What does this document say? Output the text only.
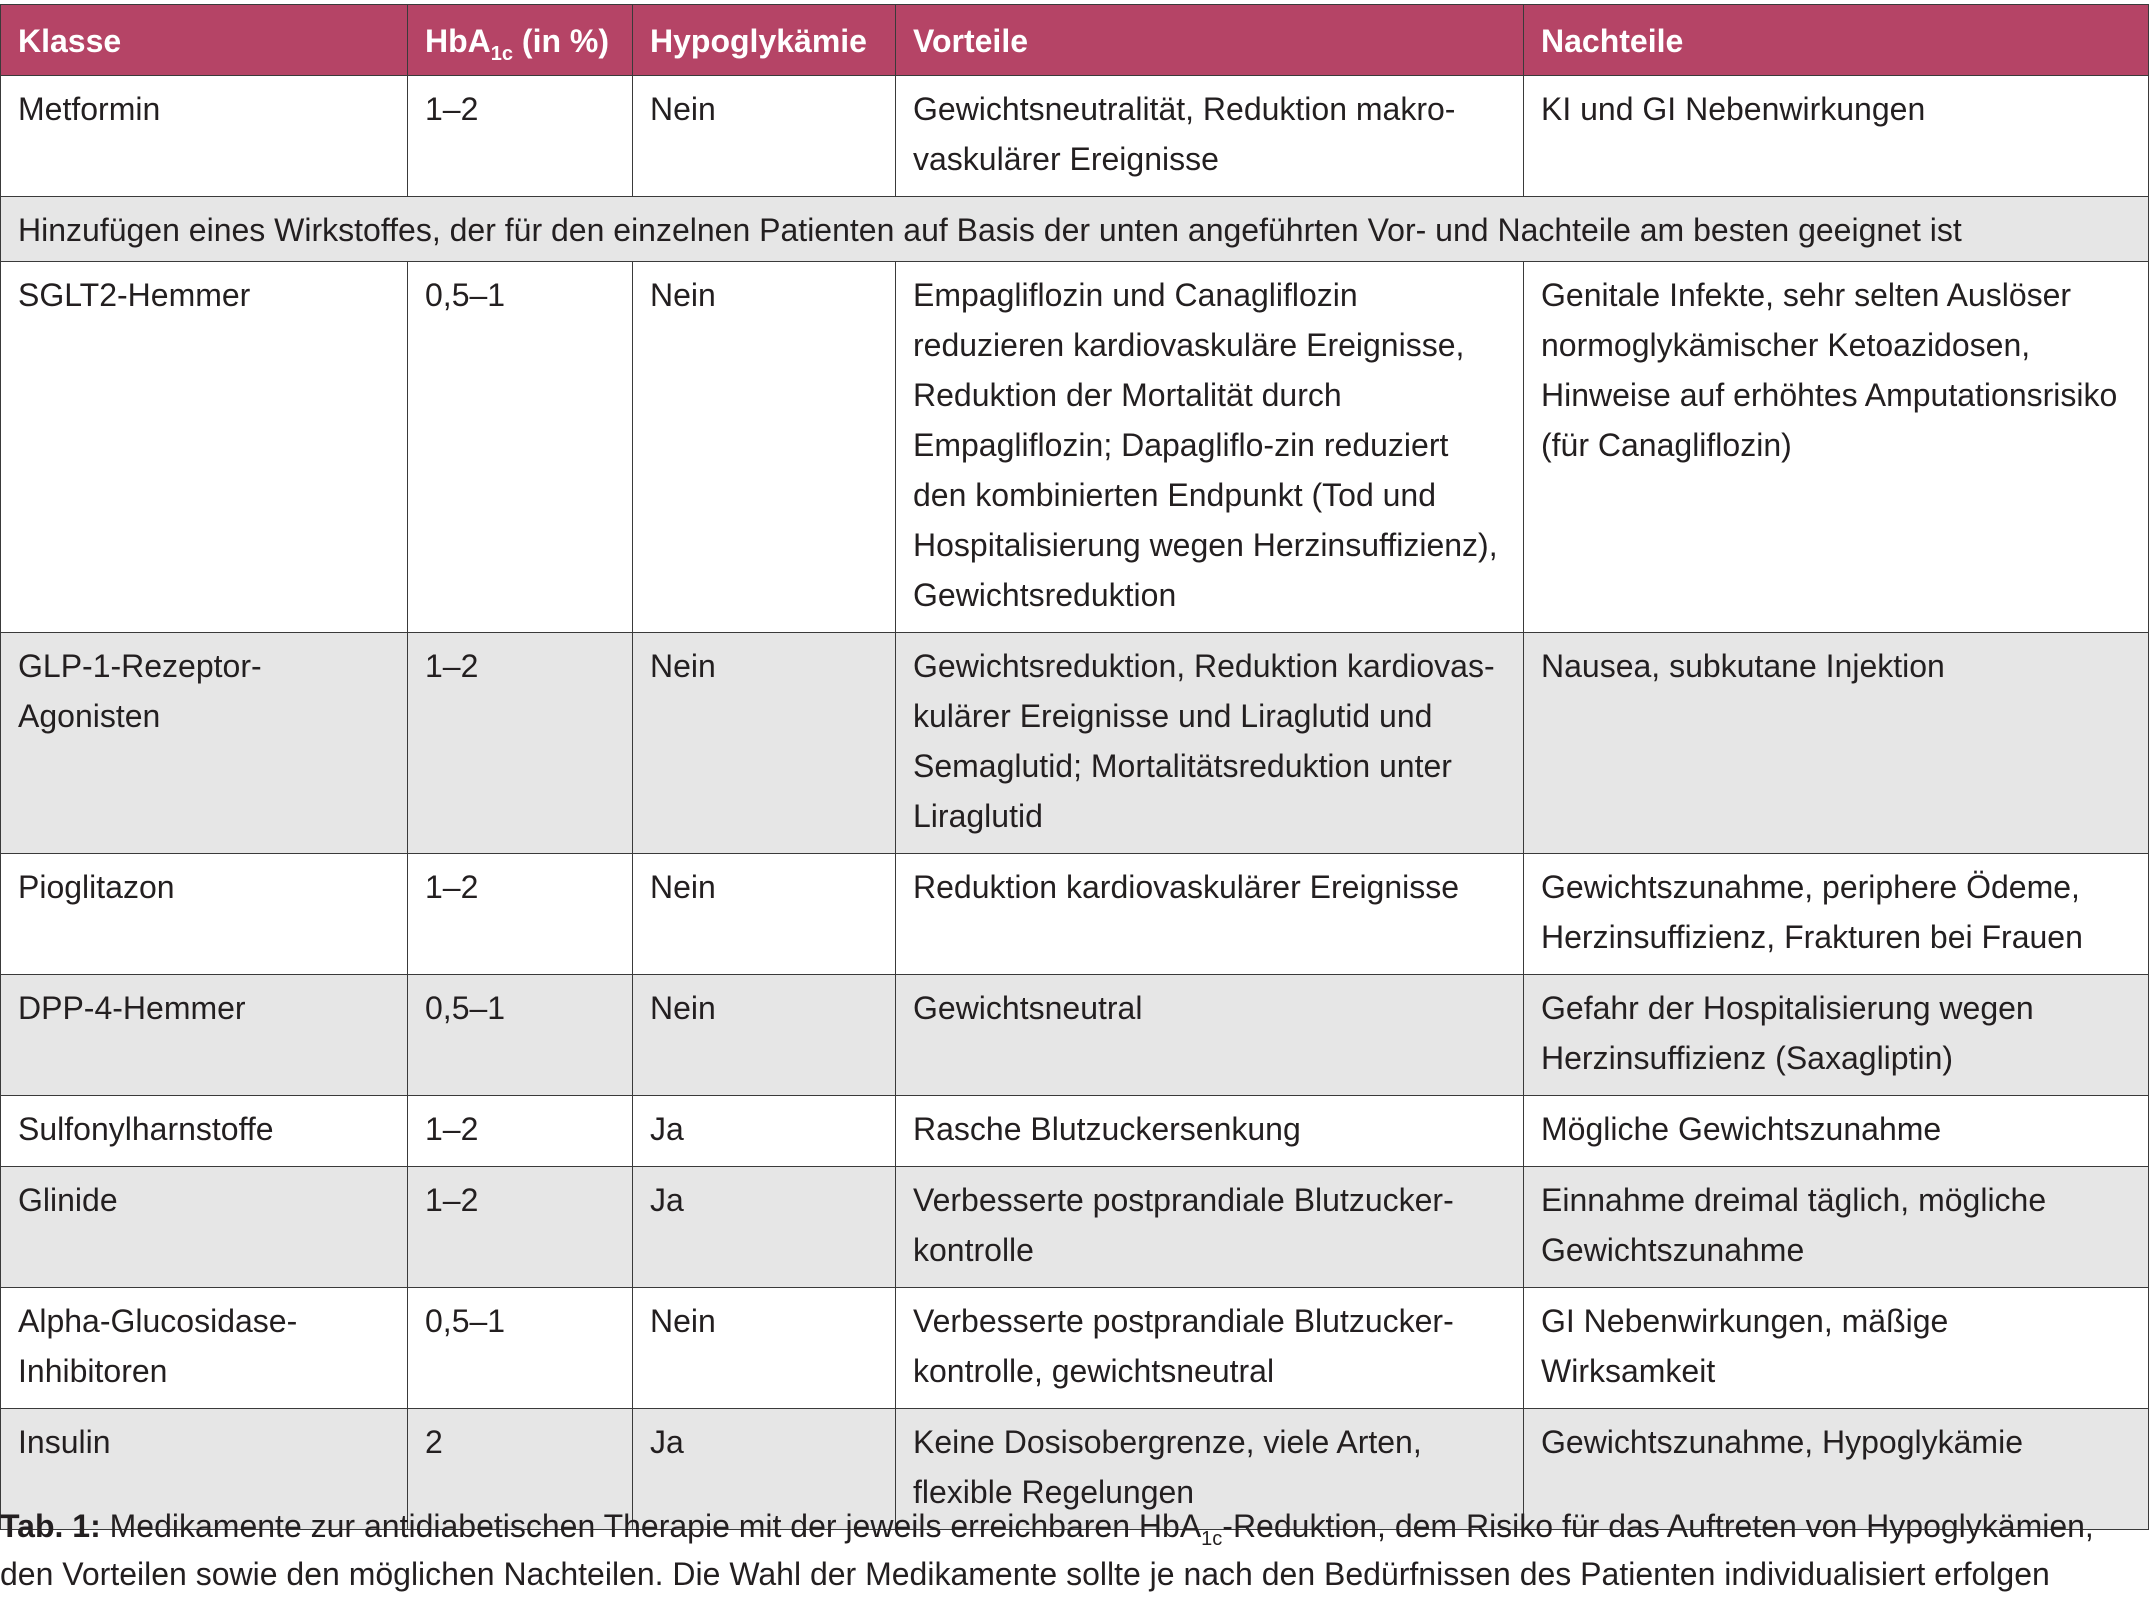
Klasse	HbA$_{1c}$ (in %)	Hypoglykämie	Vorteile	Nachteile
Metformin	1–2	Nein	Gewichtsneutralität, Reduktion makro-vaskulärer Ereignisse	KI und GI Nebenwirkungen
Hinzufügen eines Wirkstoffes, der für den einzelnen Patienten auf Basis der unten angeführten Vor- und Nachteile am besten geeignet ist				
SGLT2-Hemmer	0,5–1	Nein	Empagliflozin und Canagliflozin reduzieren kardiovaskuläre Ereignisse, Reduktion der Mortalität durch Empagliflozin; Dapagliflo-zin reduziert den kombinierten Endpunkt (Tod und Hospitalisierung wegen Herzinsuffizienz), Gewichtsreduktion	Genitale Infekte, sehr selten Auslöser normoglykämischer Ketoazidosen, Hinweise auf erhöhtes Amputationsrisiko (für Canagliflozin)
GLP-1-Rezeptor-Agonisten	1–2	Nein	Gewichtsreduktion, Reduktion kardiovas-kulärer Ereignisse und Liraglutid und Semaglutid; Mortalitätsreduktion unter Liraglutid	Nausea, subkutane Injektion
Pioglitazon	1–2	Nein	Reduktion kardiovaskulärer Ereignisse	Gewichtszunahme, periphere Ödeme, Herzinsuffizienz, Frakturen bei Frauen
DPP-4-Hemmer	0,5–1	Nein	Gewichtsneutral	Gefahr der Hospitalisierung wegen Herzinsuffizienz (Saxagliptin)
Sulfonylharnstoffe	1–2	Ja	Rasche Blutzuckersenkung	Mögliche Gewichtszunahme
Glinide	1–2	Ja	Verbesserte postprandiale Blutzucker-kontrolle	Einnahme dreimal täglich, mögliche Gewichtszunahme
Alpha-Glucosidase-Inhibitoren	0,5–1	Nein	Verbesserte postprandiale Blutzucker-kontrolle, gewichtsneutral	GI Nebenwirkungen, mäßige Wirksamkeit
Insulin	2	Ja	Keine Dosisobergrenze, viele Arten, flexible Regelungen	Gewichtszunahme, Hypoglykämie
Tab. 1: Medikamente zur antidiabetischen Therapie mit der jeweils erreichbaren HbA$_{1c}$-Reduktion, dem Risiko für das Auftreten von Hypoglykämien, den Vorteilen sowie den möglichen Nachteilen. Die Wahl der Medikamente sollte je nach den Bedürfnissen des Patienten individualisiert erfolgen
